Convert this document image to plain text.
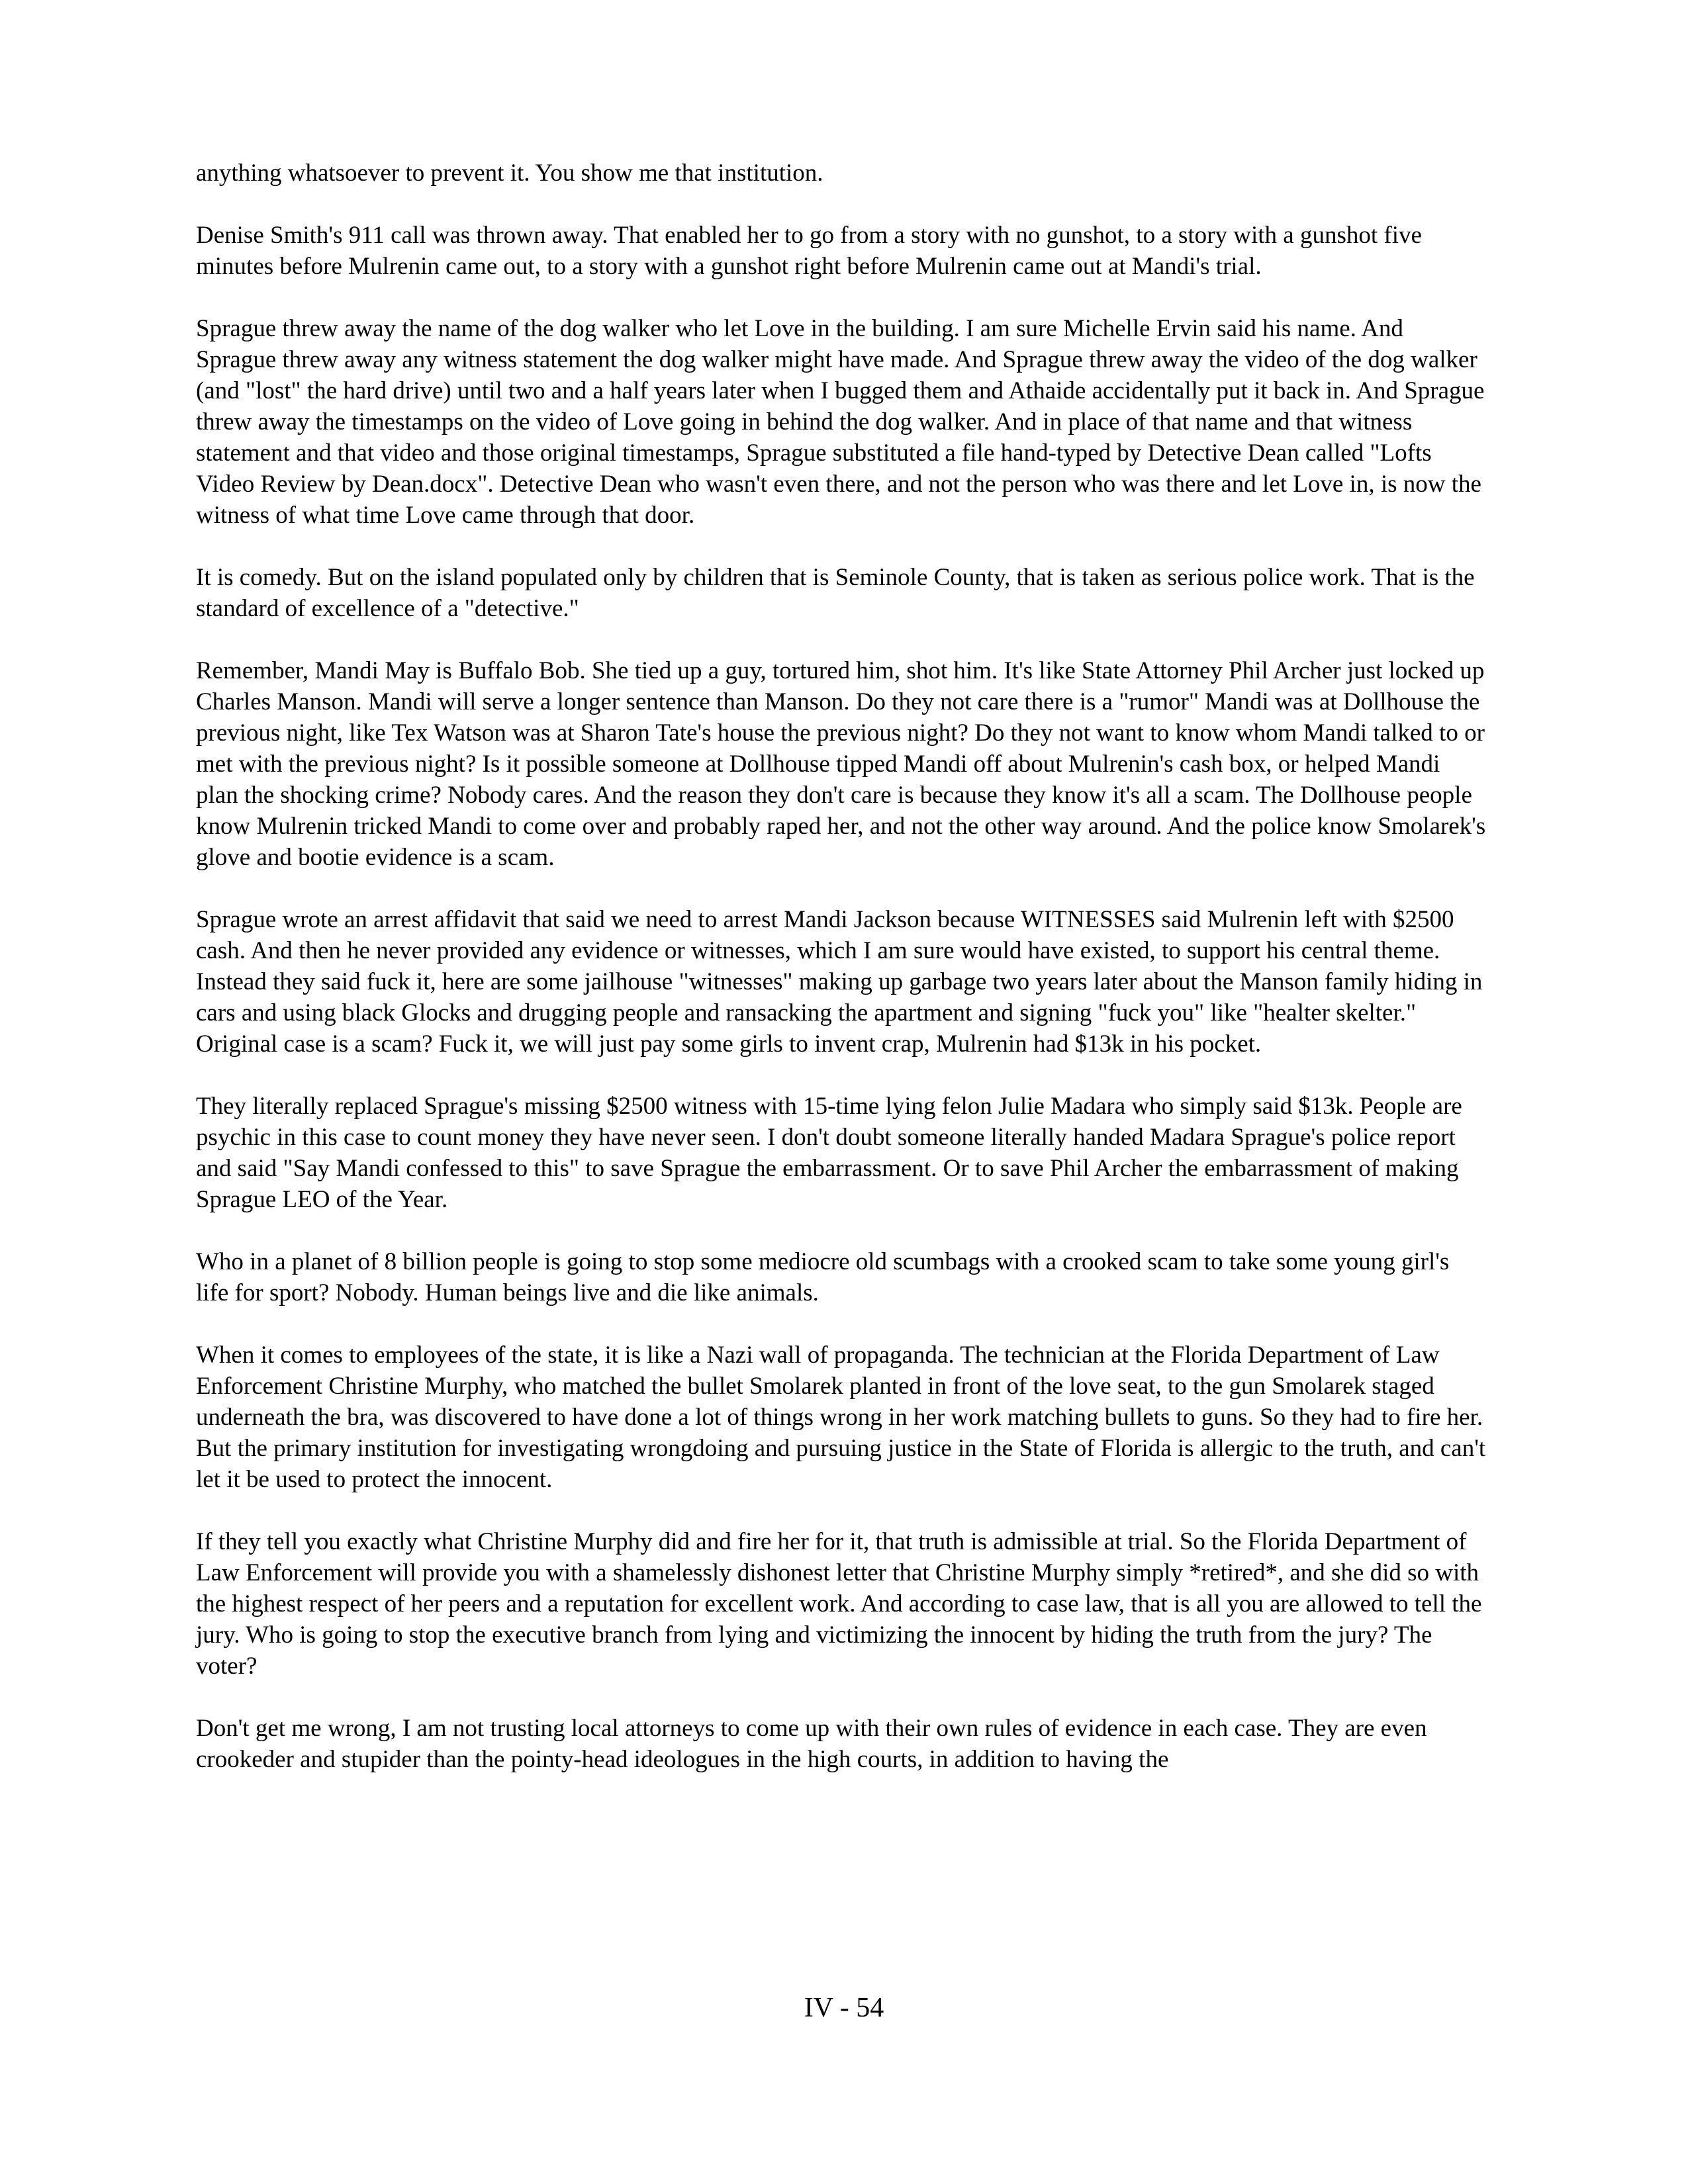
anything whatsoever to prevent it. You show me that institution.

Denise Smith's 911 call was thrown away. That enabled her to go from a story with no gunshot, to a story with a gunshot five minutes before Mulrenin came out, to a story with a gunshot right before Mulrenin came out at Mandi's trial.

Sprague threw away the name of the dog walker who let Love in the building. I am sure Michelle Ervin said his name. And Sprague threw away any witness statement the dog walker might have made. And Sprague threw away the video of the dog walker (and "lost" the hard drive) until two and a half years later when I bugged them and Athaide accidentally put it back in. And Sprague threw away the timestamps on the video of Love going in behind the dog walker. And in place of that name and that witness statement and that video and those original timestamps, Sprague substituted a file hand-typed by Detective Dean called "Lofts Video Review by Dean.docx". Detective Dean who wasn't even there, and not the person who was there and let Love in, is now the witness of what time Love came through that door.

It is comedy. But on the island populated only by children that is Seminole County, that is taken as serious police work. That is the standard of excellence of a "detective."

Remember, Mandi May is Buffalo Bob. She tied up a guy, tortured him, shot him. It's like State Attorney Phil Archer just locked up Charles Manson. Mandi will serve a longer sentence than Manson. Do they not care there is a "rumor" Mandi was at Dollhouse the previous night, like Tex Watson was at Sharon Tate's house the previous night? Do they not want to know whom Mandi talked to or met with the previous night? Is it possible someone at Dollhouse tipped Mandi off about Mulrenin's cash box, or helped Mandi plan the shocking crime? Nobody cares. And the reason they don't care is because they know it's all a scam. The Dollhouse people know Mulrenin tricked Mandi to come over and probably raped her, and not the other way around. And the police know Smolarek's glove and bootie evidence is a scam.

Sprague wrote an arrest affidavit that said we need to arrest Mandi Jackson because WITNESSES said Mulrenin left with $2500 cash. And then he never provided any evidence or witnesses, which I am sure would have existed, to support his central theme. Instead they said fuck it, here are some jailhouse "witnesses" making up garbage two years later about the Manson family hiding in cars and using black Glocks and drugging people and ransacking the apartment and signing "fuck you" like "healter skelter." Original case is a scam? Fuck it, we will just pay some girls to invent crap, Mulrenin had $13k in his pocket.

They literally replaced Sprague's missing $2500 witness with 15-time lying felon Julie Madara who simply said $13k. People are psychic in this case to count money they have never seen. I don't doubt someone literally handed Madara Sprague's police report and said "Say Mandi confessed to this" to save Sprague the embarrassment. Or to save Phil Archer the embarrassment of making Sprague LEO of the Year.

Who in a planet of 8 billion people is going to stop some mediocre old scumbags with a crooked scam to take some young girl's life for sport? Nobody. Human beings live and die like animals.

When it comes to employees of the state, it is like a Nazi wall of propaganda. The technician at the Florida Department of Law Enforcement Christine Murphy, who matched the bullet Smolarek planted in front of the love seat, to the gun Smolarek staged underneath the bra, was discovered to have done a lot of things wrong in her work matching bullets to guns. So they had to fire her. But the primary institution for investigating wrongdoing and pursuing justice in the State of Florida is allergic to the truth, and can't let it be used to protect the innocent.

If they tell you exactly what Christine Murphy did and fire her for it, that truth is admissible at trial. So the Florida Department of Law Enforcement will provide you with a shamelessly dishonest letter that Christine Murphy simply *retired*, and she did so with the highest respect of her peers and a reputation for excellent work. And according to case law, that is all you are allowed to tell the jury. Who is going to stop the executive branch from lying and victimizing the innocent by hiding the truth from the jury? The voter?

Don't get me wrong, I am not trusting local attorneys to come up with their own rules of evidence in each case. They are even crookeder and stupider than the pointy-head ideologues in the high courts, in addition to having the

IV - 54
